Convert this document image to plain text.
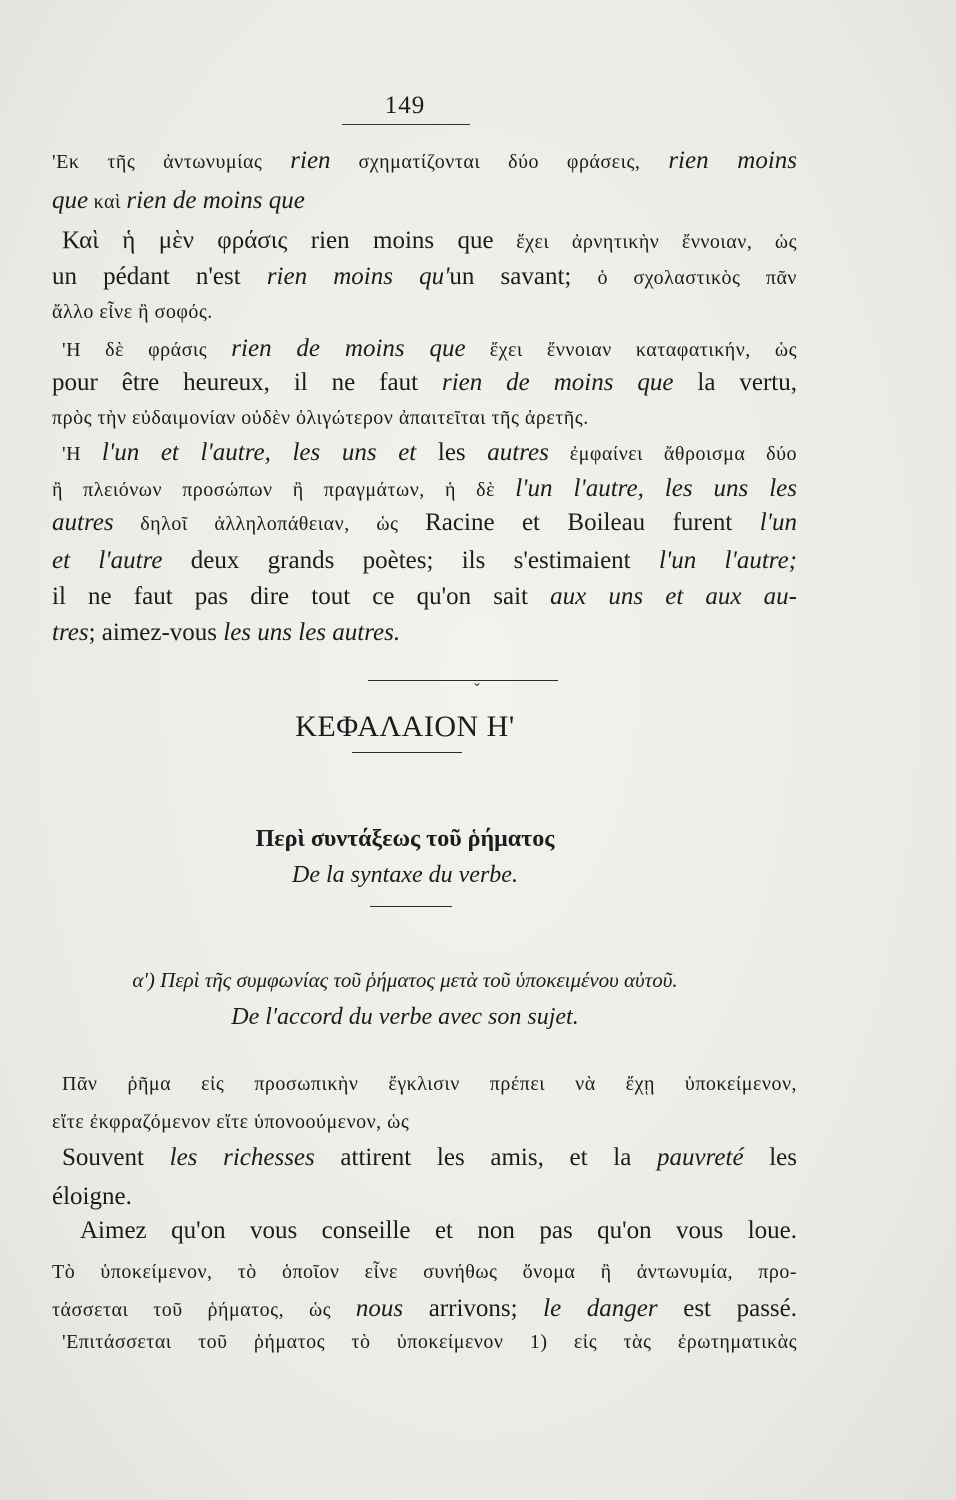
149
'Εκ τῆς ἀντωνυμίας rien σχηματίζονται δύο φράσεις, rien moins
que καὶ rien de moins que
Καὶ ἡ μὲν φράσις rien moins que ἔχει ἀρνητικὴν ἔννοιαν, ὡς
un pédant n'est rien moins qu'un savant; ὁ σχολαστικὸς πᾶν
ἄλλο εἶνε ἢ σοφός.
'Η δὲ φράσις rien de moins que ἔχει ἔννοιαν καταφατικήν, ὡς
pour être heureux, il ne faut rien de moins que la vertu,
πρὸς τὴν εὐδαιμονίαν οὐδὲν ὀλιγώτερον ἀπαιτεῖται τῆς ἀρετῆς.
'Η l'un et l'autre, les uns et les autres ἐμφαίνει ἄθροισμα δύο
ἢ πλειόνων προσώπων ἢ πραγμάτων, ἡ δὲ l'un l'autre, les uns les
autres δηλοῖ ἀλληλοπάθειαν, ὡς Racine et Boileau furent l'un
et l'autre deux grands poètes; ils s'estimaient l'un l'autre;
il ne faut pas dire tout ce qu'on sait aux uns et aux au-
tres; aimez-vous les uns les autres.
⌄
ΚΕΦΑΛΑΙΟΝ Η'
Περὶ συντάξεως τοῦ ῥήματος
De la syntaxe du verbe.
α') Περὶ τῆς συμφωνίας τοῦ ῥήματος μετὰ τοῦ ὑποκειμένου αὐτοῦ.
De l'accord du verbe avec son sujet.
Πᾶν ῥῆμα εἰς προσωπικὴν ἔγκλισιν πρέπει νὰ ἔχῃ ὑποκείμενον,
εἴτε ἐκφραζόμενον εἴτε ὑπονοούμενον, ὡς
Souvent les richesses attirent les amis, et la pauvreté les
éloigne.
Aimez qu'on vous conseille et non pas qu'on vous loue.
Τὸ ὑποκείμενον, τὸ ὁποῖον εἶνε συνήθως ὄνομα ἢ ἀντωνυμία, προ-
τάσσεται τοῦ ῥήματος, ὡς nous arrivons; le danger est passé.
'Επιτάσσεται τοῦ ῥήματος τὸ ὑποκείμενον 1) εἰς τὰς ἐρωτηματικὰς
